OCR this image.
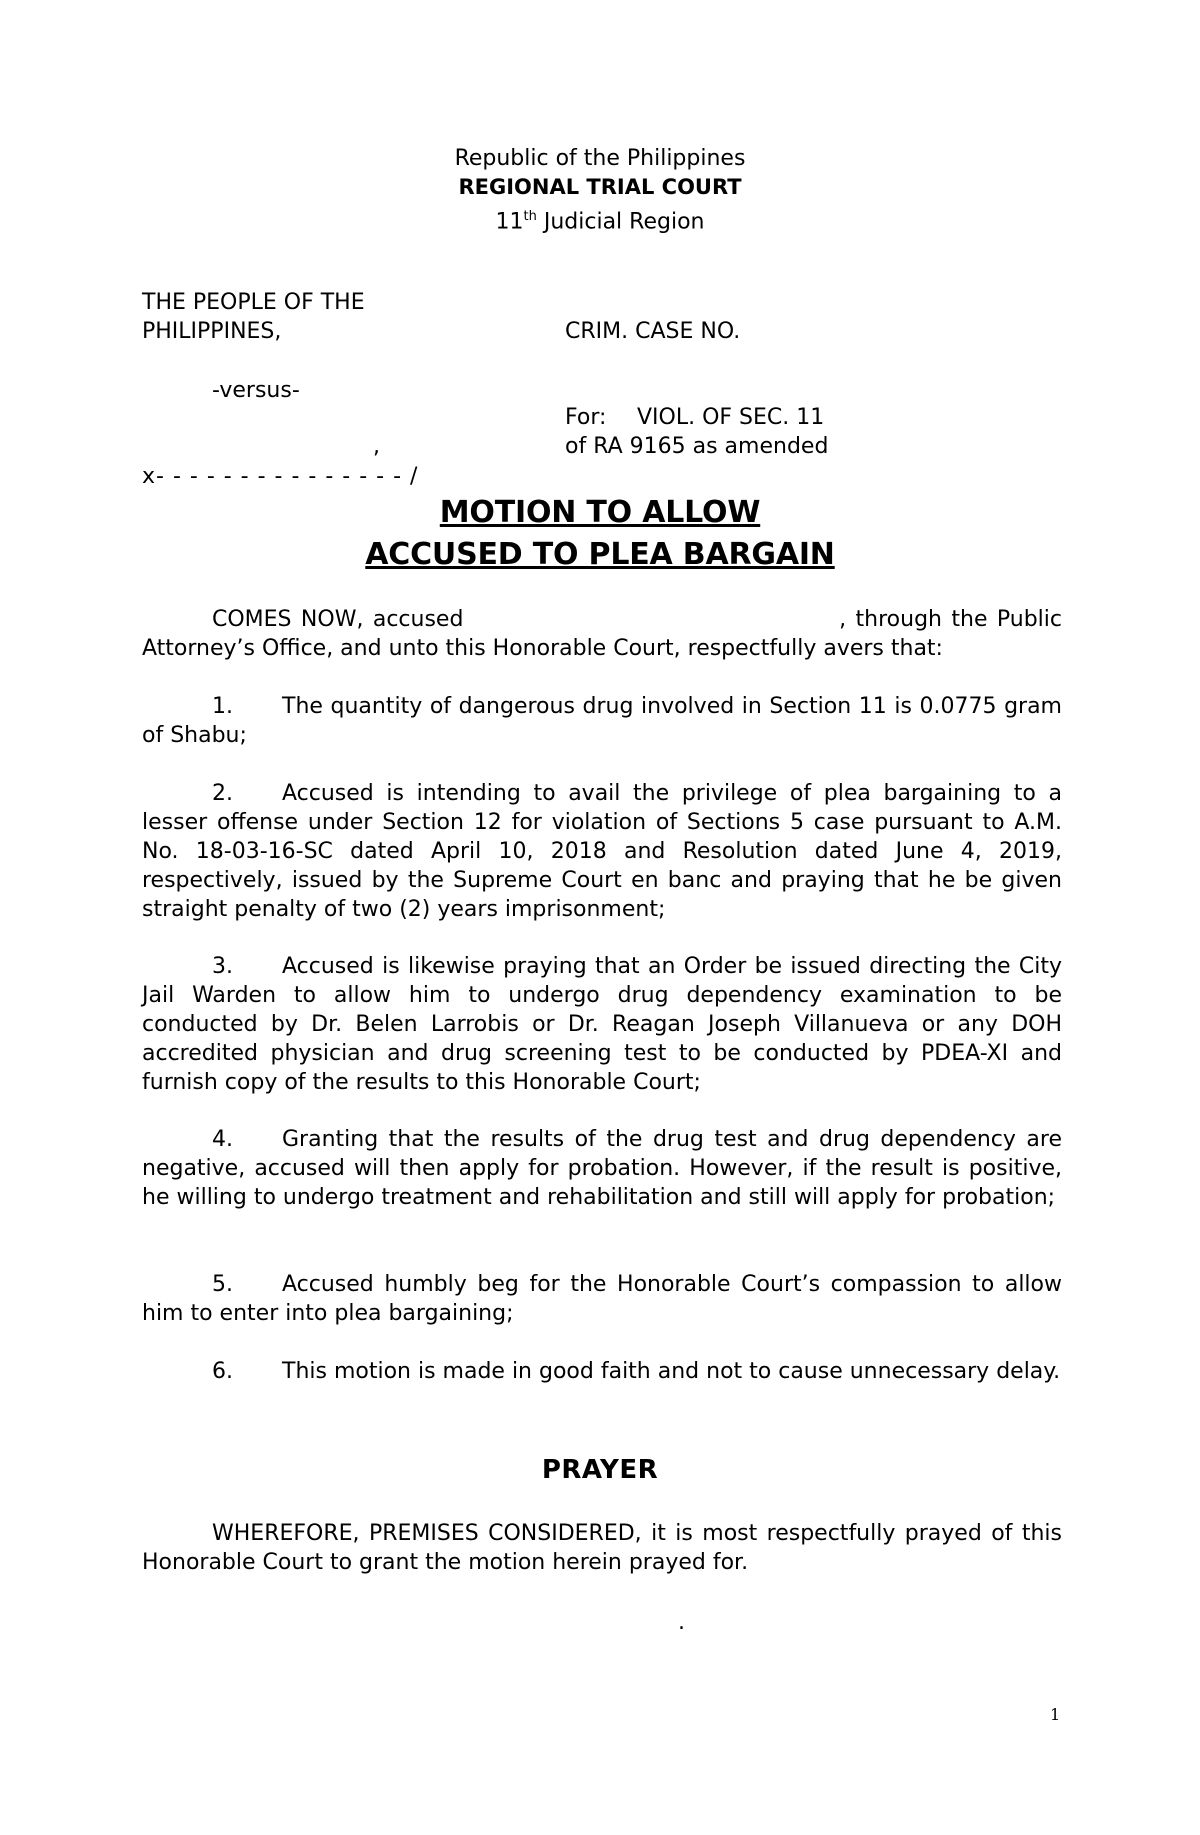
Republic of the Philippines
REGIONAL TRIAL COURT
11th Judicial Region
THE PEOPLE OF THE
PHILIPPINES,
-versus-
,
x- - - - - - - - - - - - - - - /
CRIM. CASE NO.
For: VIOL. OF SEC. 11
of RA 9165 as amended
MOTION TO ALLOW
ACCUSED TO PLEA BARGAIN
COMES NOW, accused                                        , through the Public Attorney’s Office, and unto this Honorable Court, respectfully avers that:
1. The quantity of dangerous drug involved in Section 11 is 0.0775 gram of Shabu;
2. Accused is intending to avail the privilege of plea bargaining to a lesser offense under Section 12 for violation of Sections 5 case pursuant to A.M. No. 18-03-16-SC dated April 10, 2018 and Resolution dated June 4, 2019, respectively, issued by the Supreme Court en banc and praying that he be given straight penalty of two (2) years imprisonment;
3. Accused is likewise praying that an Order be issued directing the City Jail Warden to allow him to undergo drug dependency examination to be conducted by Dr. Belen Larrobis or Dr. Reagan Joseph Villanueva or any DOH accredited physician and drug screening test to be conducted by PDEA-XI and furnish copy of the results to this Honorable Court;
4. Granting that the results of the drug test and drug dependency are negative, accused will then apply for probation. However, if the result is positive, he willing to undergo treatment and rehabilitation and still will apply for probation;
5. Accused humbly beg for the Honorable Court’s compassion to allow him to enter into plea bargaining;
6. This motion is made in good faith and not to cause unnecessary delay.
PRAYER
WHEREFORE, PREMISES CONSIDERED, it is most respectfully prayed of this Honorable Court to grant the motion herein prayed for.
.
1
